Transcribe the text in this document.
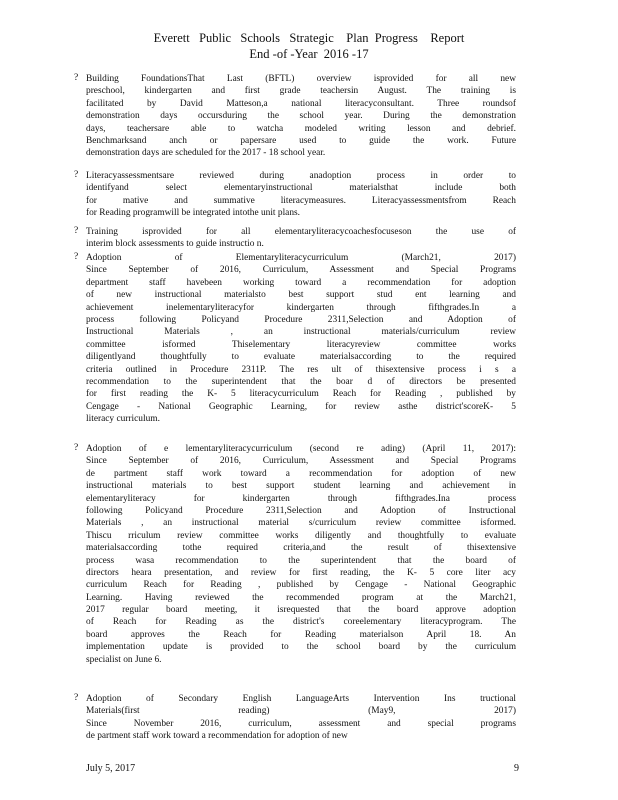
Everett   Public   Schools   Strategic    Plan  Progress    Report
End -of -Year  2016 -17
? Building FoundationsThat Last (BFTL) overview isprovided for all new
preschool, kindergarten and first grade teachersin August. The training is
facilitated by David Matteson,a national literacyconsultant. Three roundsof
demonstration days occursduring the school year. During the demonstration
days, teachersare able to watcha modeled writing lesson and debrief.
Benchmarksand anch or papersare used to guide the work. Future
demonstration days are scheduled for the 2017 - 18 school year.
? Literacyassessmentsare reviewed during anadoption process in order to
identifyand select elementaryinstructional materialsthat include both
for mative and summative literacymeasures. Literacyassessmentsfrom Reach
for Reading programwill be integrated intothe unit plans.
? Training isprovided for all elementaryliteracycoachesfocuseson the use of
interim block assessments to guide instructio n.
? Adoption of Elementaryliteracycurriculum (March21, 2017)
Since September of 2016, Curriculum, Assessment and Special Programs
department staff havebeen working toward a recommendation for adoption
of new instructional materialsto best support stud ent learning and
achievement inelementaryliteracyfor kindergarten through fifthgrades.In a
process following Policyand Procedure 2311,Selection and Adoption of
Instructional Materials , an instructional materials/curriculum review
committee isformed Thiselementary literacyreview committee works
diligentlyand thoughtfully to evaluate materialsaccording to the required
criteria outlined in Procedure 2311P. The res ult of thisextensive process i s a
recommendation to the superintendent that the boar d of directors be presented
for first reading the K- 5 literacycurriculum Reach for Reading , published by
Cengage - National Geographic Learning, for review asthe district'scoreK- 5
literacy curriculum.
? Adoption of e lementaryliteracycurriculum (second re ading) (April 11, 2017):
Since September of 2016, Curriculum, Assessment and Special Programs
de partment staff work toward a recommendation for adoption of new
instructional materials to best support student learning and achievement in
elementaryliteracy for kindergarten through fifthgrades.Ina process
following Policyand Procedure 2311,Selection and Adoption of Instructional
Materials , an instructional material s/curriculum review committee isformed.
Thiscu rriculum review committee works diligently and thoughtfully to evaluate
materialsaccording tothe required criteria,and the result of thisextensive
process wasa recommendation to the superintendent that the board of
directors heara presentation, and review for first reading, the K- 5 core liter acy
curriculum Reach for Reading , published by Cengage - National Geographic
Learning. Having reviewed the recommended program at the March21,
2017 regular board meeting, it isrequested that the board approve adoption
of Reach for Reading as the district's coreelementary literacyprogram. The
board approves the Reach for Reading materialson April 18. An
implementation update is provided to the school board by the curriculum
specialist on June 6.
? Adoption of Secondary English LanguageArts Intervention Ins tructional
Materials(first reading) (May9, 2017)
Since November 2016, curriculum, assessment and special programs
de partment staff work toward a recommendation for adoption of new
July 5, 2017	9
